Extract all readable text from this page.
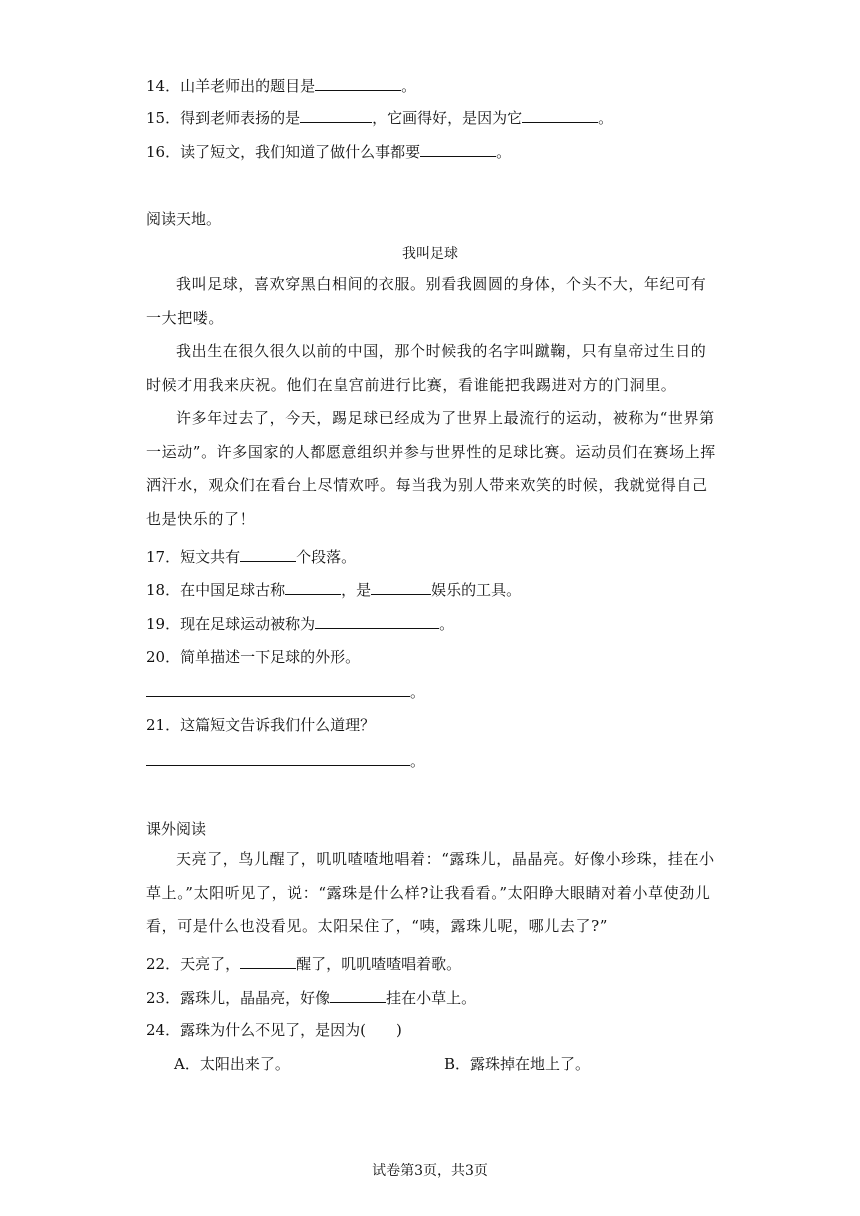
14．山羊老师出的题目是	。
15．得到老师表扬的是	，它画得好，是因为它	。
16．读了短文，我们知道了做什么事都要	。
阅读天地。
我叫足球
我叫足球，喜欢穿黑白相间的衣服。别看我圆圆的身体，个头不大，年纪可有一大把喽。
我出生在很久很久以前的中国，那个时候我的名字叫蹴鞠，只有皇帝过生日的时候才用我来庆祝。他们在皇宫前进行比赛，看谁能把我踢进对方的门洞里。
许多年过去了，今天，踢足球已经成为了世界上最流行的运动，被称为“世界第一运动”。许多国家的人都愿意组织并参与世界性的足球比赛。运动员们在赛场上挥洒汗水，观众们在看台上尽情欢呼。每当我为别人带来欢笑的时候，我就觉得自己也是快乐的了！
17．短文共有	个段落。
18．在中国足球古称	，是	娱乐的工具。
19．现在足球运动被称为	。
20．简单描述一下足球的外形。
。
21．这篇短文告诉我们什么道理？
。
课外阅读
天亮了，鸟儿醒了，叽叽喳喳地唱着：“露珠儿，晶晶亮。好像小珍珠，挂在小草上。”太阳听见了，说：“露珠是什么样?让我看看。”太阳睁大眼睛对着小草使劲儿看，可是什么也没看见。太阳呆住了，“咦，露珠儿呢，哪儿去了?”
22．天亮了，	醒了，叽叽喳喳唱着歌。
23．露珠儿，晶晶亮，好像	挂在小草上。
24．露珠为什么不见了，是因为(　　)
A．太阳出来了。	B．露珠掉在地上了。
试卷第3页，共3页
